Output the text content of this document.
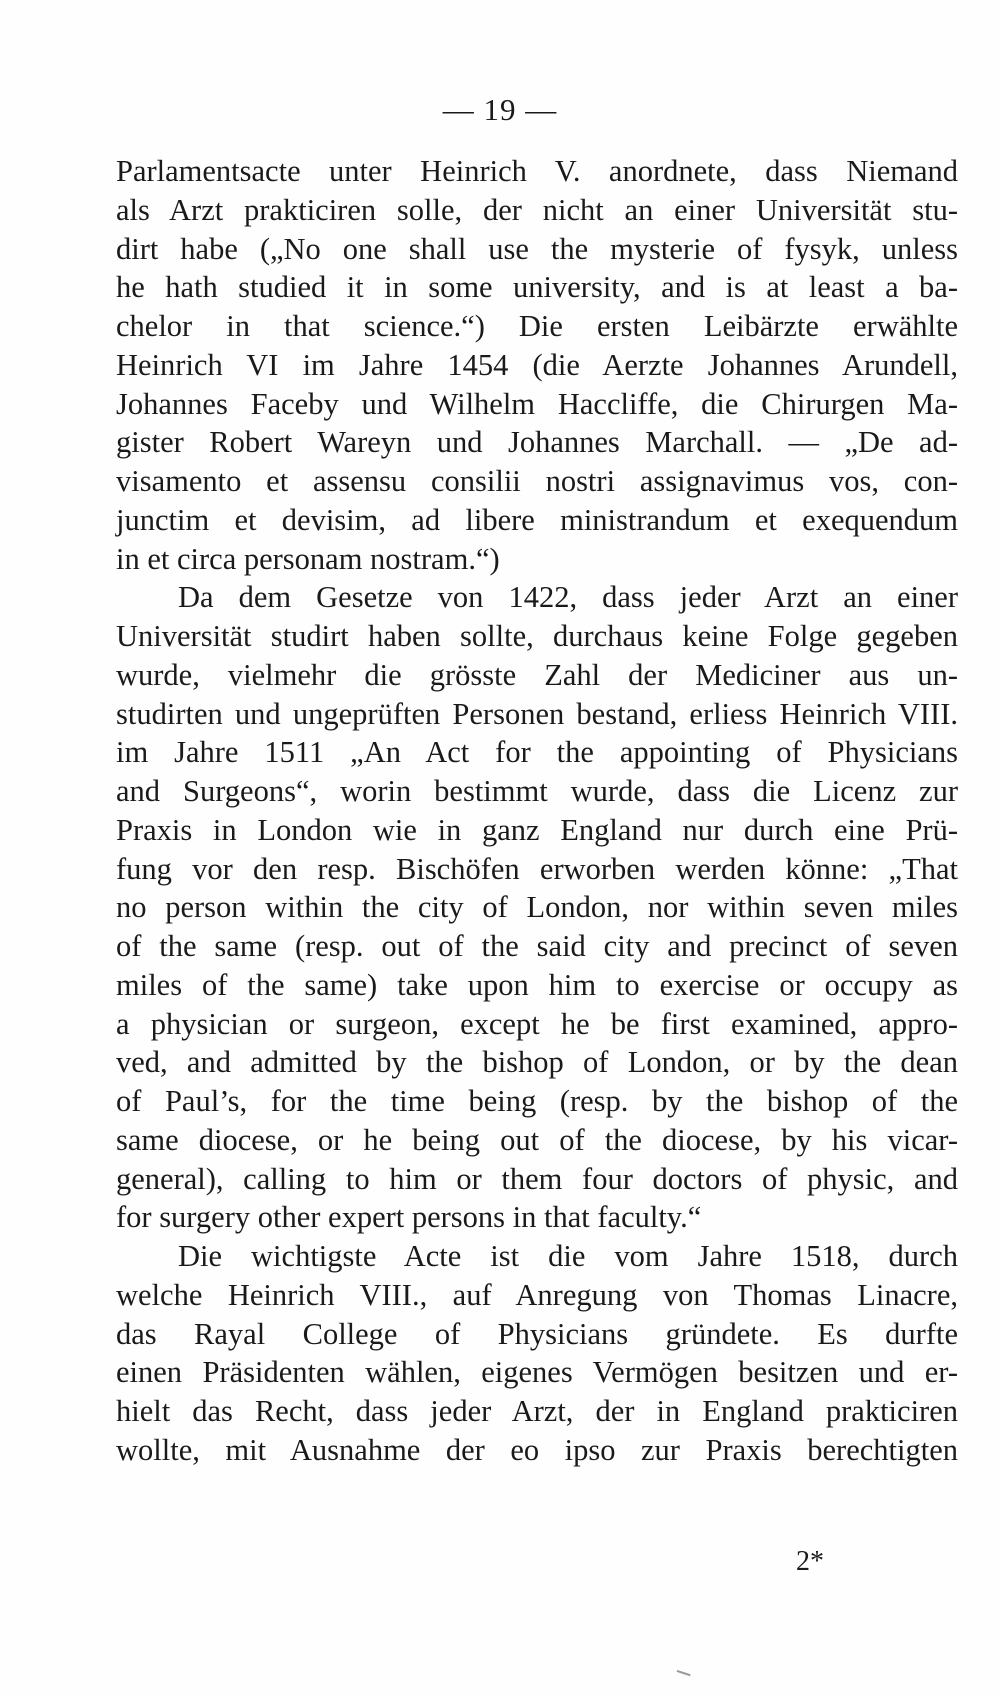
— 19 —
Parlamentsacte unter Heinrich V. anordnete, dass Niemand
als Arzt prakticiren solle, der nicht an einer Universität stu-
dirt habe („No one shall use the mysterie of fysyk, unless
he hath studied it in some university, and is at least a ba-
chelor in that science.“) Die ersten Leibärzte erwählte
Heinrich VI im Jahre 1454 (die Aerzte Johannes Arundell,
Johannes Faceby und Wilhelm Haccliffe, die Chirurgen Ma-
gister Robert Wareyn und Johannes Marchall. — „De ad-
visamento et assensu consilii nostri assignavimus vos, con-
junctim et devisim, ad libere ministrandum et exequendum
in et circa personam nostram.“)
Da dem Gesetze von 1422, dass jeder Arzt an einer
Universität studirt haben sollte, durchaus keine Folge gegeben
wurde, vielmehr die grösste Zahl der Mediciner aus un-
studirten und ungeprüften Personen bestand, erliess Heinrich VIII.
im Jahre 1511 „An Act for the appointing of Physicians
and Surgeons“, worin bestimmt wurde, dass die Licenz zur
Praxis in London wie in ganz England nur durch eine Prü-
fung vor den resp. Bischöfen erworben werden könne: „That
no person within the city of London, nor within seven miles
of the same (resp. out of the said city and precinct of seven
miles of the same) take upon him to exercise or occupy as
a physician or surgeon, except he be first examined, appro-
ved, and admitted by the bishop of London, or by the dean
of Paul’s, for the time being (resp. by the bishop of the
same diocese, or he being out of the diocese, by his vicar-
general), calling to him or them four doctors of physic, and
for surgery other expert persons in that faculty.“
Die wichtigste Acte ist die vom Jahre 1518, durch
welche Heinrich VIII., auf Anregung von Thomas Linacre,
das Rayal College of Physicians gründete. Es durfte
einen Präsidenten wählen, eigenes Vermögen besitzen und er-
hielt das Recht, dass jeder Arzt, der in England prakticiren
wollte, mit Ausnahme der eo ipso zur Praxis berechtigten
2*
